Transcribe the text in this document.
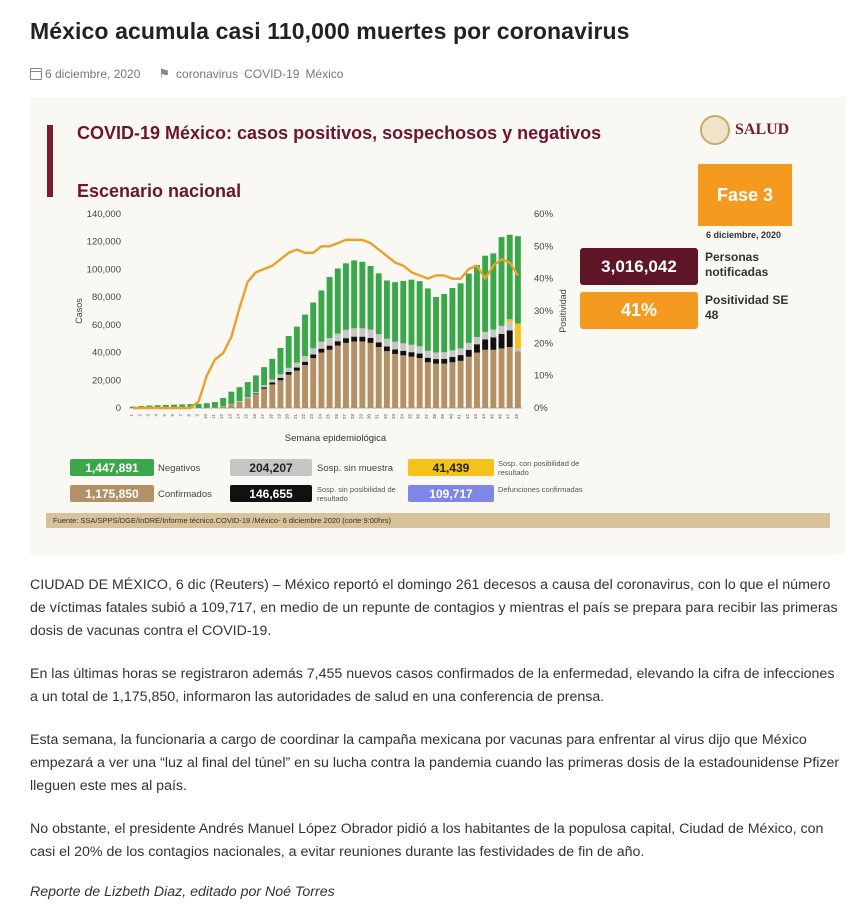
México acumula casi 110,000 muertes por coronavirus
6 diciembre, 2020 ⚑ coronavirus COVID-19 México
COVID-19 México: casos positivos, sospechosos y negativos
Escenario nacional
SALUD
Fase 3
6 diciembre, 2020
3,016,042	Personas notificadas
41%	Positividad SE 48
0
20,000
40,000
60,000
80,000
100,000
120,000
140,000
0%
10%
20%
30%
40%
50%
60%
Casos	Positividad
Semana epidemiológica
1 2 3 4 5 6 7 8 9 10 11 12 13 14 15 16 17 18 19 20 21 22 23 24 25 26 27 28 29 30 31 32 33 34 35 36 37 38 39 40 41 42 43 44 45 46 47 48
1,447,891	Negativos	204,207	Sosp. sin muestra	41,439	Sosp. con posibilidad de resultado
1,175,850	Confirmados	146,655	Sosp. sin posibilidad de resultado	109,717	Defunciones confirmadas
Fuente: SSA/SPPS/DGE/InDRE/Informe técnico.COVID-19 /México- 6 diciembre 2020 (corte 9:00hrs)

CIUDAD DE MÉXICO, 6 dic (Reuters) – México reportó el domingo 261 decesos a causa del coronavirus, con lo que el número de víctimas fatales subió a 109,717, en medio de un repunte de contagios y mientras el país se prepara para recibir las primeras dosis de vacunas contra el COVID-19.

En las últimas horas se registraron además 7,455 nuevos casos confirmados de la enfermedad, elevando la cifra de infecciones a un total de 1,175,850, informaron las autoridades de salud en una conferencia de prensa.

Esta semana, la funcionaria a cargo de coordinar la campaña mexicana por vacunas para enfrentar al virus dijo que México empezará a ver una “luz al final del túnel” en su lucha contra la pandemia cuando las primeras dosis de la estadounidense Pfizer lleguen este mes al país.

No obstante, el presidente Andrés Manuel López Obrador pidió a los habitantes de la populosa capital, Ciudad de México, con casi el 20% de los contagios nacionales, a evitar reuniones durante las festividades de fin de año.

Reporte de Lizbeth Diaz, editado por Noé Torres
